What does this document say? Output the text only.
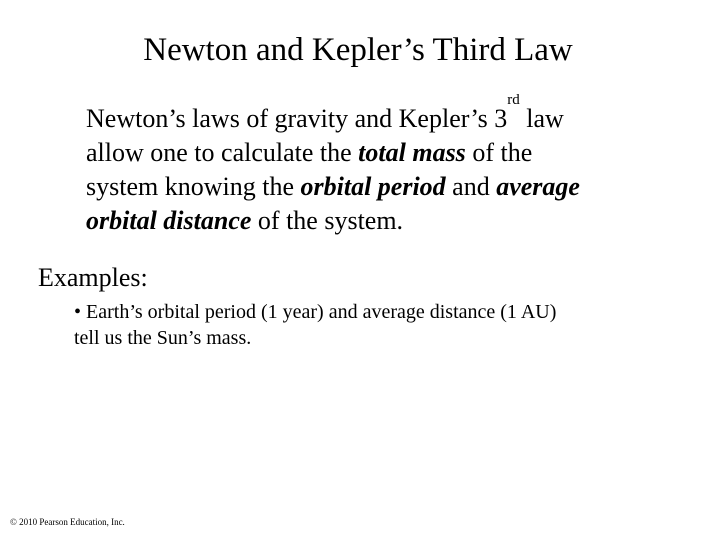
Newton and Kepler’s Third Law
Newton’s laws of gravity and Kepler’s 3rd law
allow one to calculate the total mass of the
system knowing the orbital period and average
orbital distance of the system.
Examples:
• Earth’s orbital period (1 year) and average distance (1 AU)
tell us the Sun’s mass.
© 2010 Pearson Education, Inc.
